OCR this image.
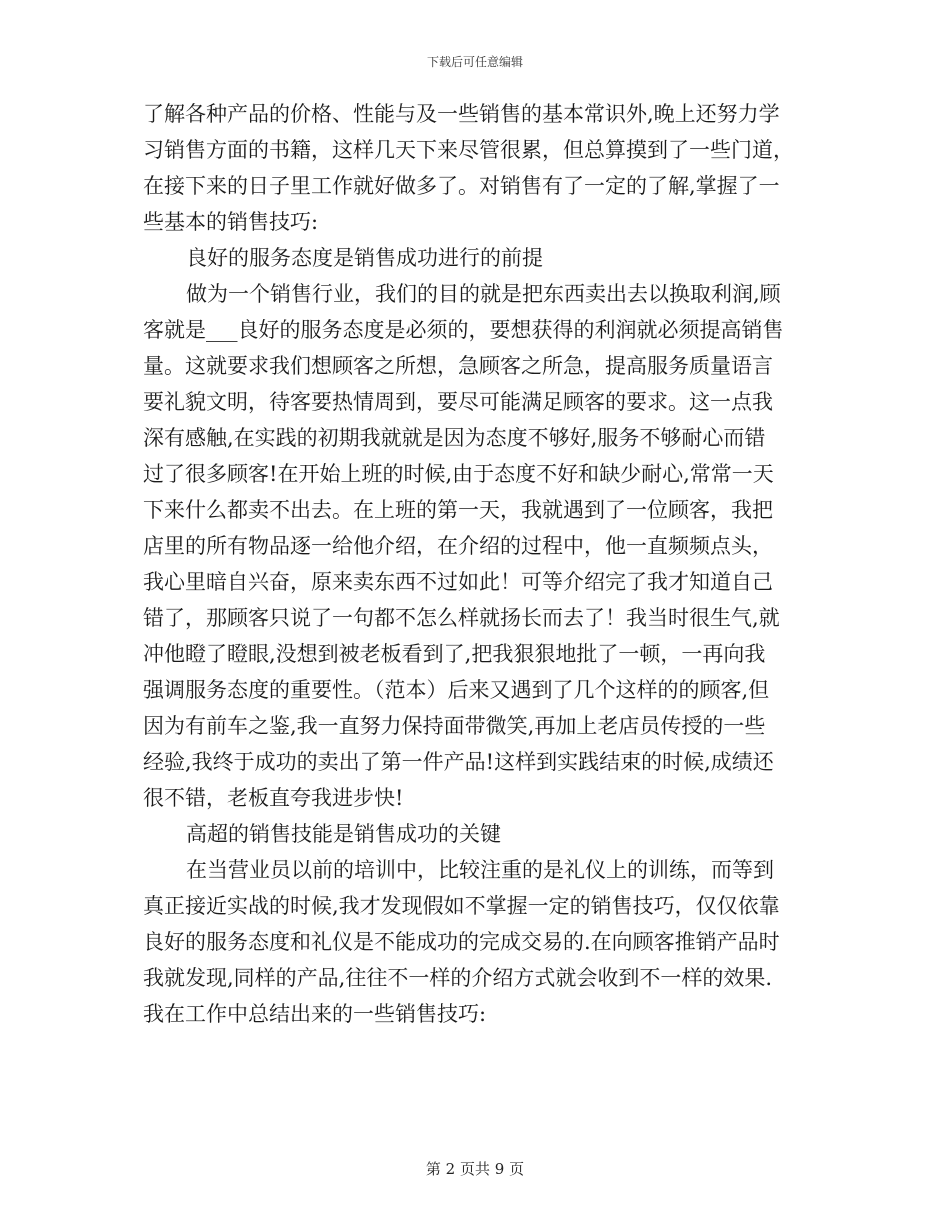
下载后可任意编辑
了解各种产品的价格、性能与及一些销售的基本常识外,晚上还努力学
习销售方面的书籍，这样几天下来尽管很累，但总算摸到了一些门道，
在接下来的日子里工作就好做多了。对销售有了一定的了解,掌握了一
些基本的销售技巧:
良好的服务态度是销售成功进行的前提
做为一个销售行业，我们的目的就是把东西卖出去以换取利润,顾
客就是___良好的服务态度是必须的，要想获得的利润就必须提高销售
量。这就要求我们想顾客之所想，急顾客之所急，提高服务质量语言
要礼貌文明，待客要热情周到，要尽可能满足顾客的要求。这一点我
深有感触,在实践的初期我就就是因为态度不够好,服务不够耐心而错
过了很多顾客!在开始上班的时候,由于态度不好和缺少耐心,常常一天
下来什么都卖不出去。在上班的第一天，我就遇到了一位顾客，我把
店里的所有物品逐一给他介绍，在介绍的过程中，他一直频频点头，
我心里暗自兴奋，原来卖东西不过如此！可等介绍完了我才知道自己
错了，那顾客只说了一句都不怎么样就扬长而去了！我当时很生气,就
冲他瞪了瞪眼,没想到被老板看到了,把我狠狠地批了一顿，一再向我
强调服务态度的重要性。（范本）后来又遇到了几个这样的的顾客,但
因为有前车之鉴,我一直努力保持面带微笑,再加上老店员传授的一些
经验,我终于成功的卖出了第一件产品!这样到实践结束的时候,成绩还
很不错，老板直夸我进步快!
高超的销售技能是销售成功的关键
在当营业员以前的培训中，比较注重的是礼仪上的训练，而等到
真正接近实战的时候,我才发现假如不掌握一定的销售技巧，仅仅依靠
良好的服务态度和礼仪是不能成功的完成交易的.在向顾客推销产品时
我就发现,同样的产品,往往不一样的介绍方式就会收到不一样的效果.
我在工作中总结出来的一些销售技巧:
第 2 页共 9 页
